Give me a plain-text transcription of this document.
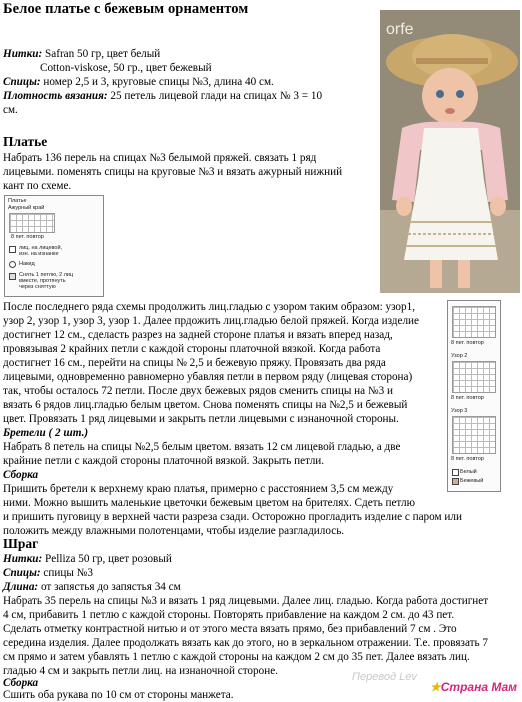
Белое платье с бежевым орнаментом
orfe
Нитки: Safran 50 гр, цвет белый
Cotton-viskose, 50 гр., цвет бежевый
Спицы: номер 2,5 и 3, круговые спицы №3, длина 40 см.
Плотность вязания: 25 петель лицевой глади на спицах № 3 = 10
см.
Платье
Набрать 136 перель на спицах №3 белымой пряжей. связать 1 ряд
лицевыми. поменять спицы на круговые №3 и вязать ажурный нижний
кант по схеме.
Платье
Ажурный край
8 пет. повтор
лиц. на лицевой,
изн. на изнанке
Накид
Снять 1 петлю, 2 лиц
вместе, протянуть
через сняттую
После последнего ряда схемы продолжить лиц.гладью с узором таким образом: узор1,
узор 2, узор 1, узор 3, узор 1. Далее прдожить лиц.гладью белой пряжей. Когда изделие
достигнет 12 см., сделасть разрез на задней стороне платья и вязать вперед назад,
провязывая 2 крайних петли с каждой стороны платочной вязкой. Когда работа
достигнет 16 см., перейти на спицы № 2,5 и бежевую пряжу. Провязать два ряда
лицевыми, одновременно равномерно убавляя петли в первом ряду (лицевая сторона)
так, чтобы осталось 72 петли. После двух бежевых рядов сменить спицы на №3 и
вязать 6 рядов лиц.гладью белым цветом. Снова поменять спицы на №2,5 и бежевый
цвет. Провязать 1 ряд лицевыми и закрыть петли лицевыми с изнаночной стороны.
Бретели ( 2 шт.)
Набрать 8 петель на спицы №2,5 белым цветом. вязать 12 см лицевой гладью, а две
крайние петли с каждой стороны платочной вязкой. Закрыть петли.
Сборка
Пришить бретели к верхнему краю платья, примерно с расстоянием 3,5 см между
ними. Можно вышить маленькие цветочки бежевым цветом на брителях. Сдеть петлю
и пришить пуговицу в верхней части разреза сзади. Осторожно прогладить изделие с паром или
положить между влажными полотенцами, чтобы изделие разгладилось.
8 пет. повтор
Узор 2
8 пет. повтор
Узор 3
8 пет. повтор
Белый
Бежевый
Шраг
Нитки: Pelliza 50 гр, цвет розовый
Спицы: спицы №3
Длина: от запястья до запястья 34 см
Набрать 35 перель на спицы №3 и вязать 1 ряд лицевыми. Далее лиц. гладью. Когда работа достигнет
4 см, прибавить 1 петлю с каждой стороны. Повторять прибавление на каждом 2 см. до 43 пет.
Сделать отметку контрастной нитью и от этого места вязать прямо, без прибавлений 7 см . Это
середина изделия. Далее продолжать вязать как до этого, но в зеркальном отражении. Т.е. провязать 7
см прямо и затем убавлять 1 петлю с каждой стороны на каждом 2 см до 35 пет. Далее вязать лиц.
гладью 4 см и закрыть петли лиц. на изнаночной стороне.
Сборка
Сшить оба рукава по 10 см от стороны манжета.
Перевод Lev
★Страна Мам
